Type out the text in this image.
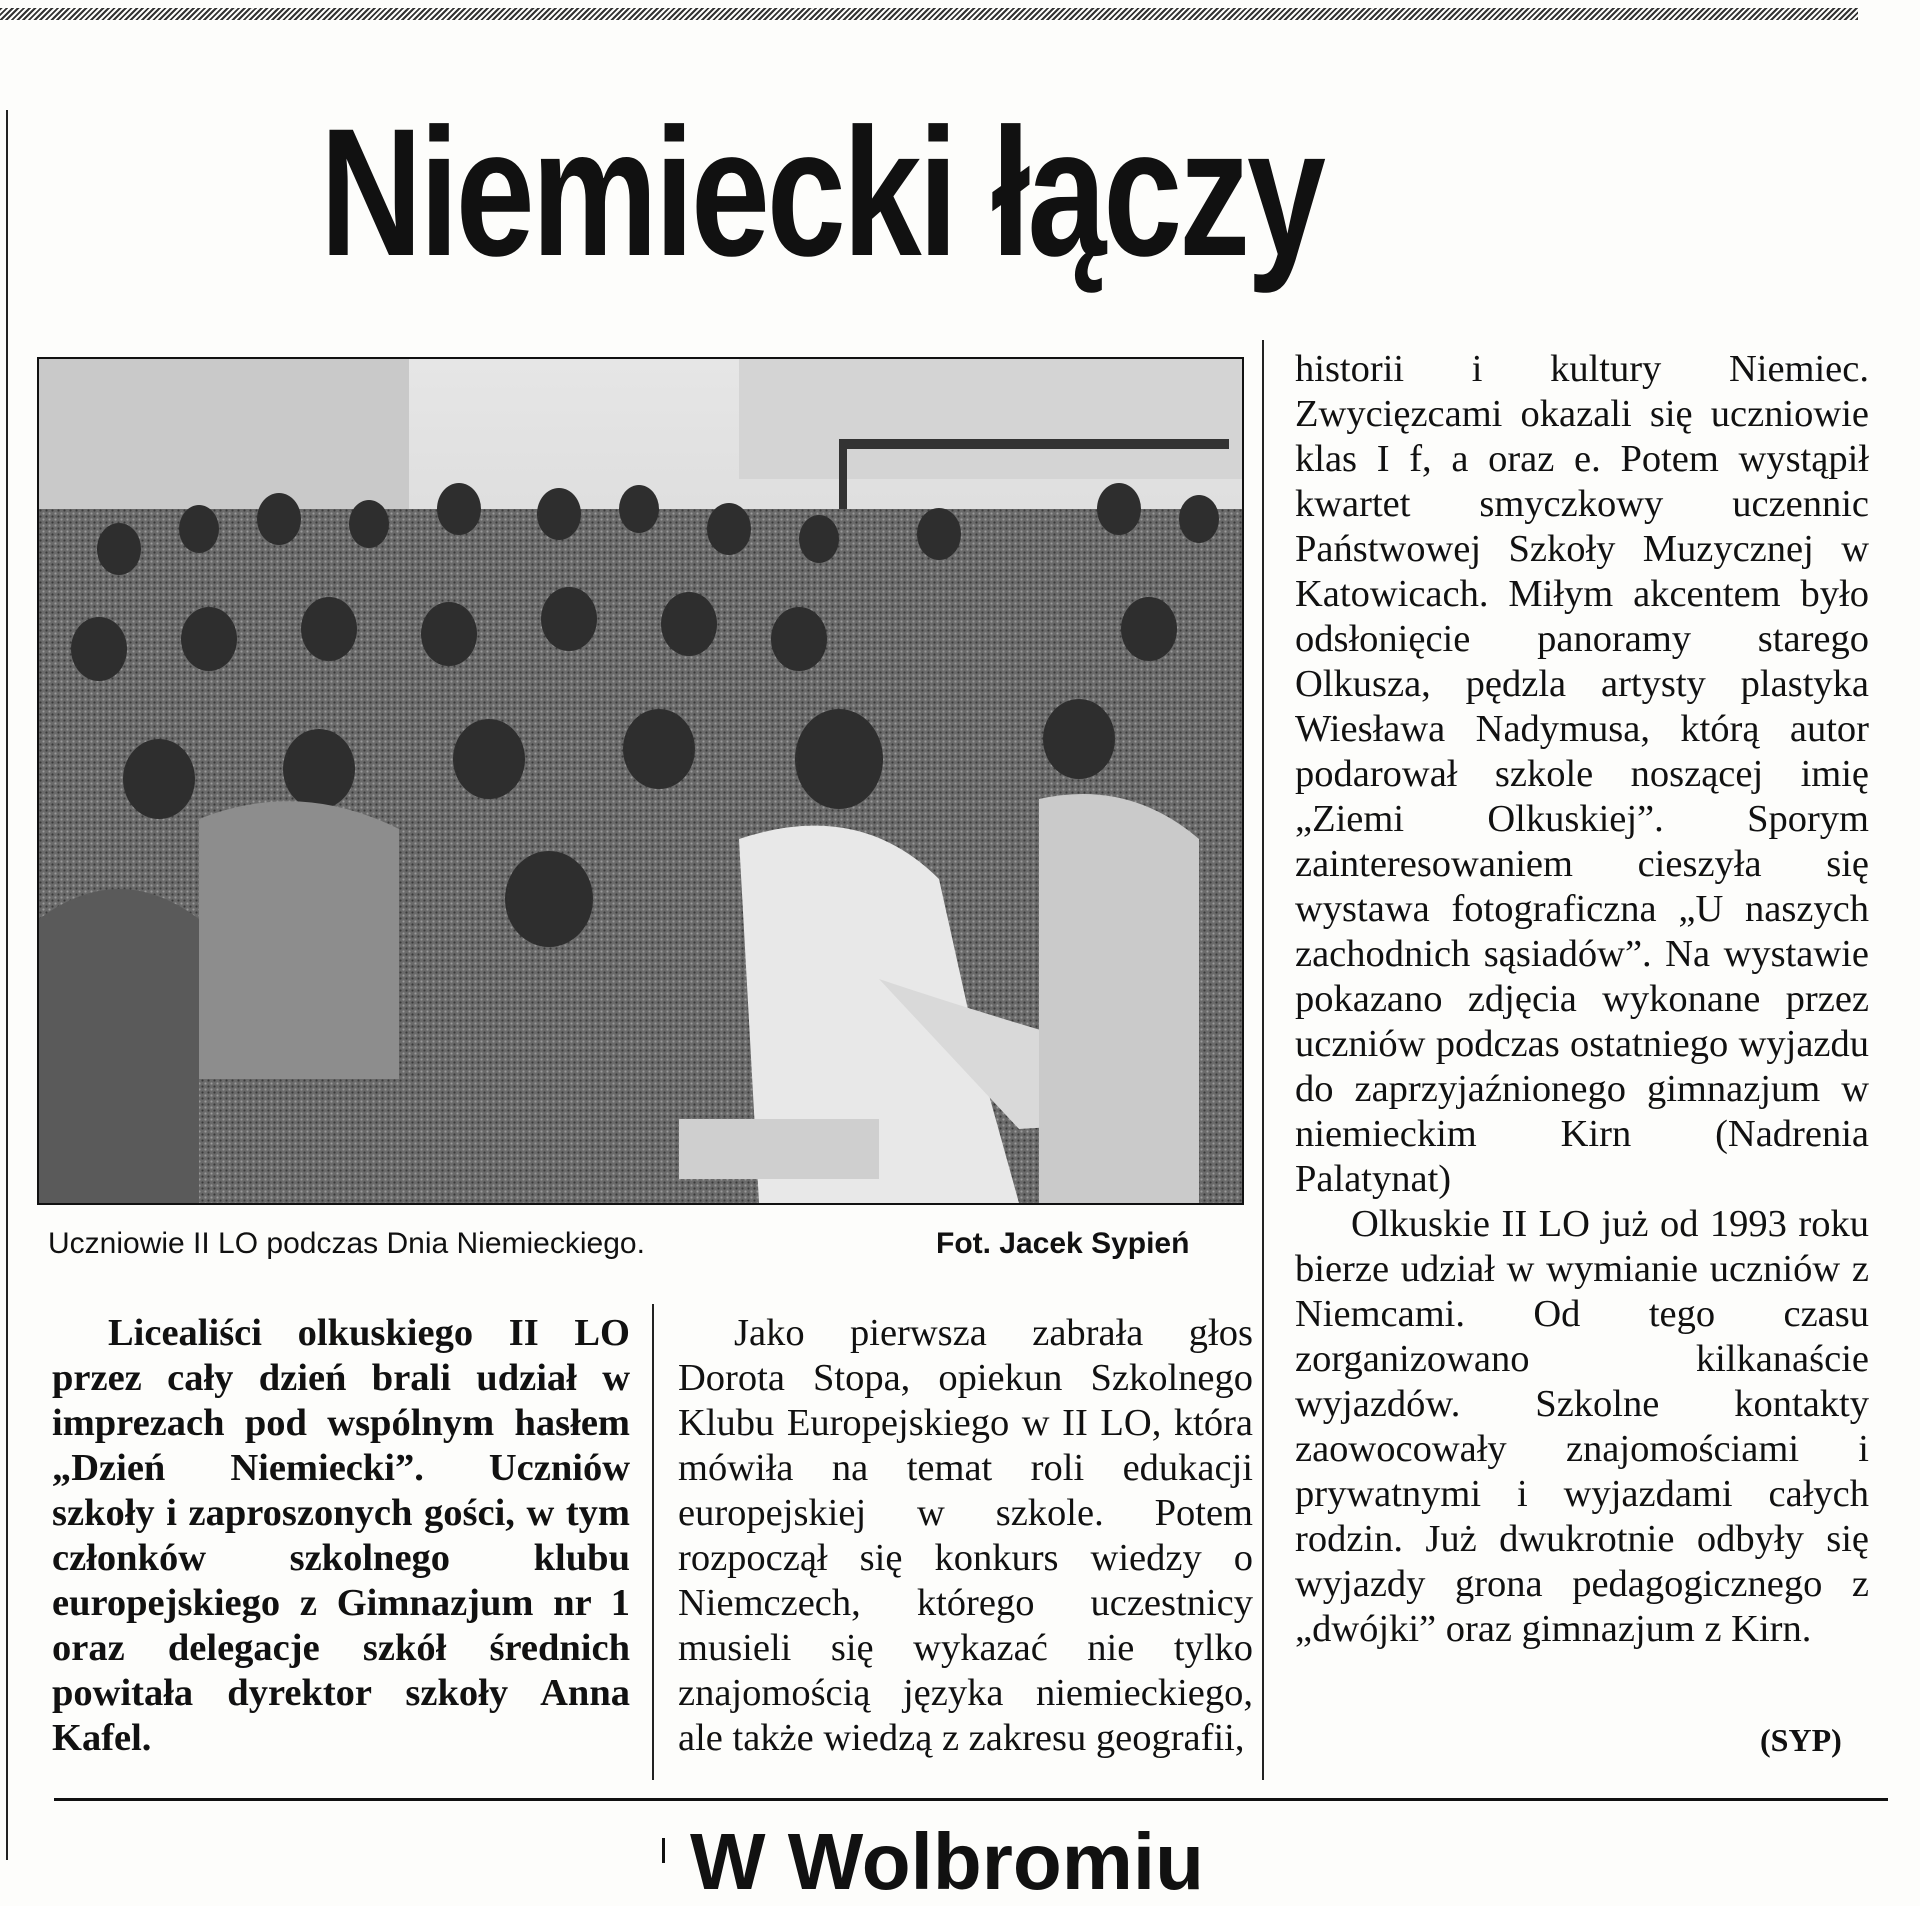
Niemiecki łączy
Uczniowie II LO podczas Dnia Niemieckiego.	Fot. Jacek Sypień

Licealiści olkuskiego II LO przez cały dzień brali udział w imprezach pod wspólnym hasłem „Dzień Niemiecki”. Uczniów szkoły i zaproszonych gości, w tym członków szkolnego klubu europejskiego z Gimnazjum nr 1 oraz delegacje szkół średnich powitała dyrektor szkoły Anna Kafel.

Jako pierwsza zabrała głos Dorota Stopa, opiekun Szkolnego Klubu Europejskiego w II LO, która mówiła na temat roli edukacji europejskiej w szkole. Potem rozpoczął się konkurs wiedzy o Niemczech, którego uczestnicy musieli się wykazać nie tylko znajomością języka niemieckiego, ale także wiedzą z zakresu geografii,

historii i kultury Niemiec. Zwycięzcami okazali się uczniowie klas I f, a oraz e. Potem wystąpił kwartet smyczkowy uczennic Państwowej Szkoły Muzycznej w Katowicach. Miłym akcentem było odsłonięcie panoramy starego Olkusza, pędzla artysty plastyka Wiesława Nadymusa, którą autor podarował szkole noszącej imię „Ziemi Olkuskiej”. Sporym zainteresowaniem cieszyła się wystawa fotograficzna „U naszych zachodnich sąsiadów”. Na wystawie pokazano zdjęcia wykonane przez uczniów podczas ostatniego wyjazdu do zaprzyjaźnionego gimnazjum w niemieckim Kirn (Nadrenia Palatynat)

Olkuskie II LO już od 1993 roku bierze udział w wymianie uczniów z Niemcami. Od tego czasu zorganizowano kilkanaście wyjazdów. Szkolne kontakty zaowocowały znajomościami i prywatnymi i wyjazdami całych rodzin. Już dwukrotnie odbyły się wyjazdy grona pedagogicznego z „dwójki” oraz gimnazjum z Kirn.

(SYP)
W Wolbromiu
